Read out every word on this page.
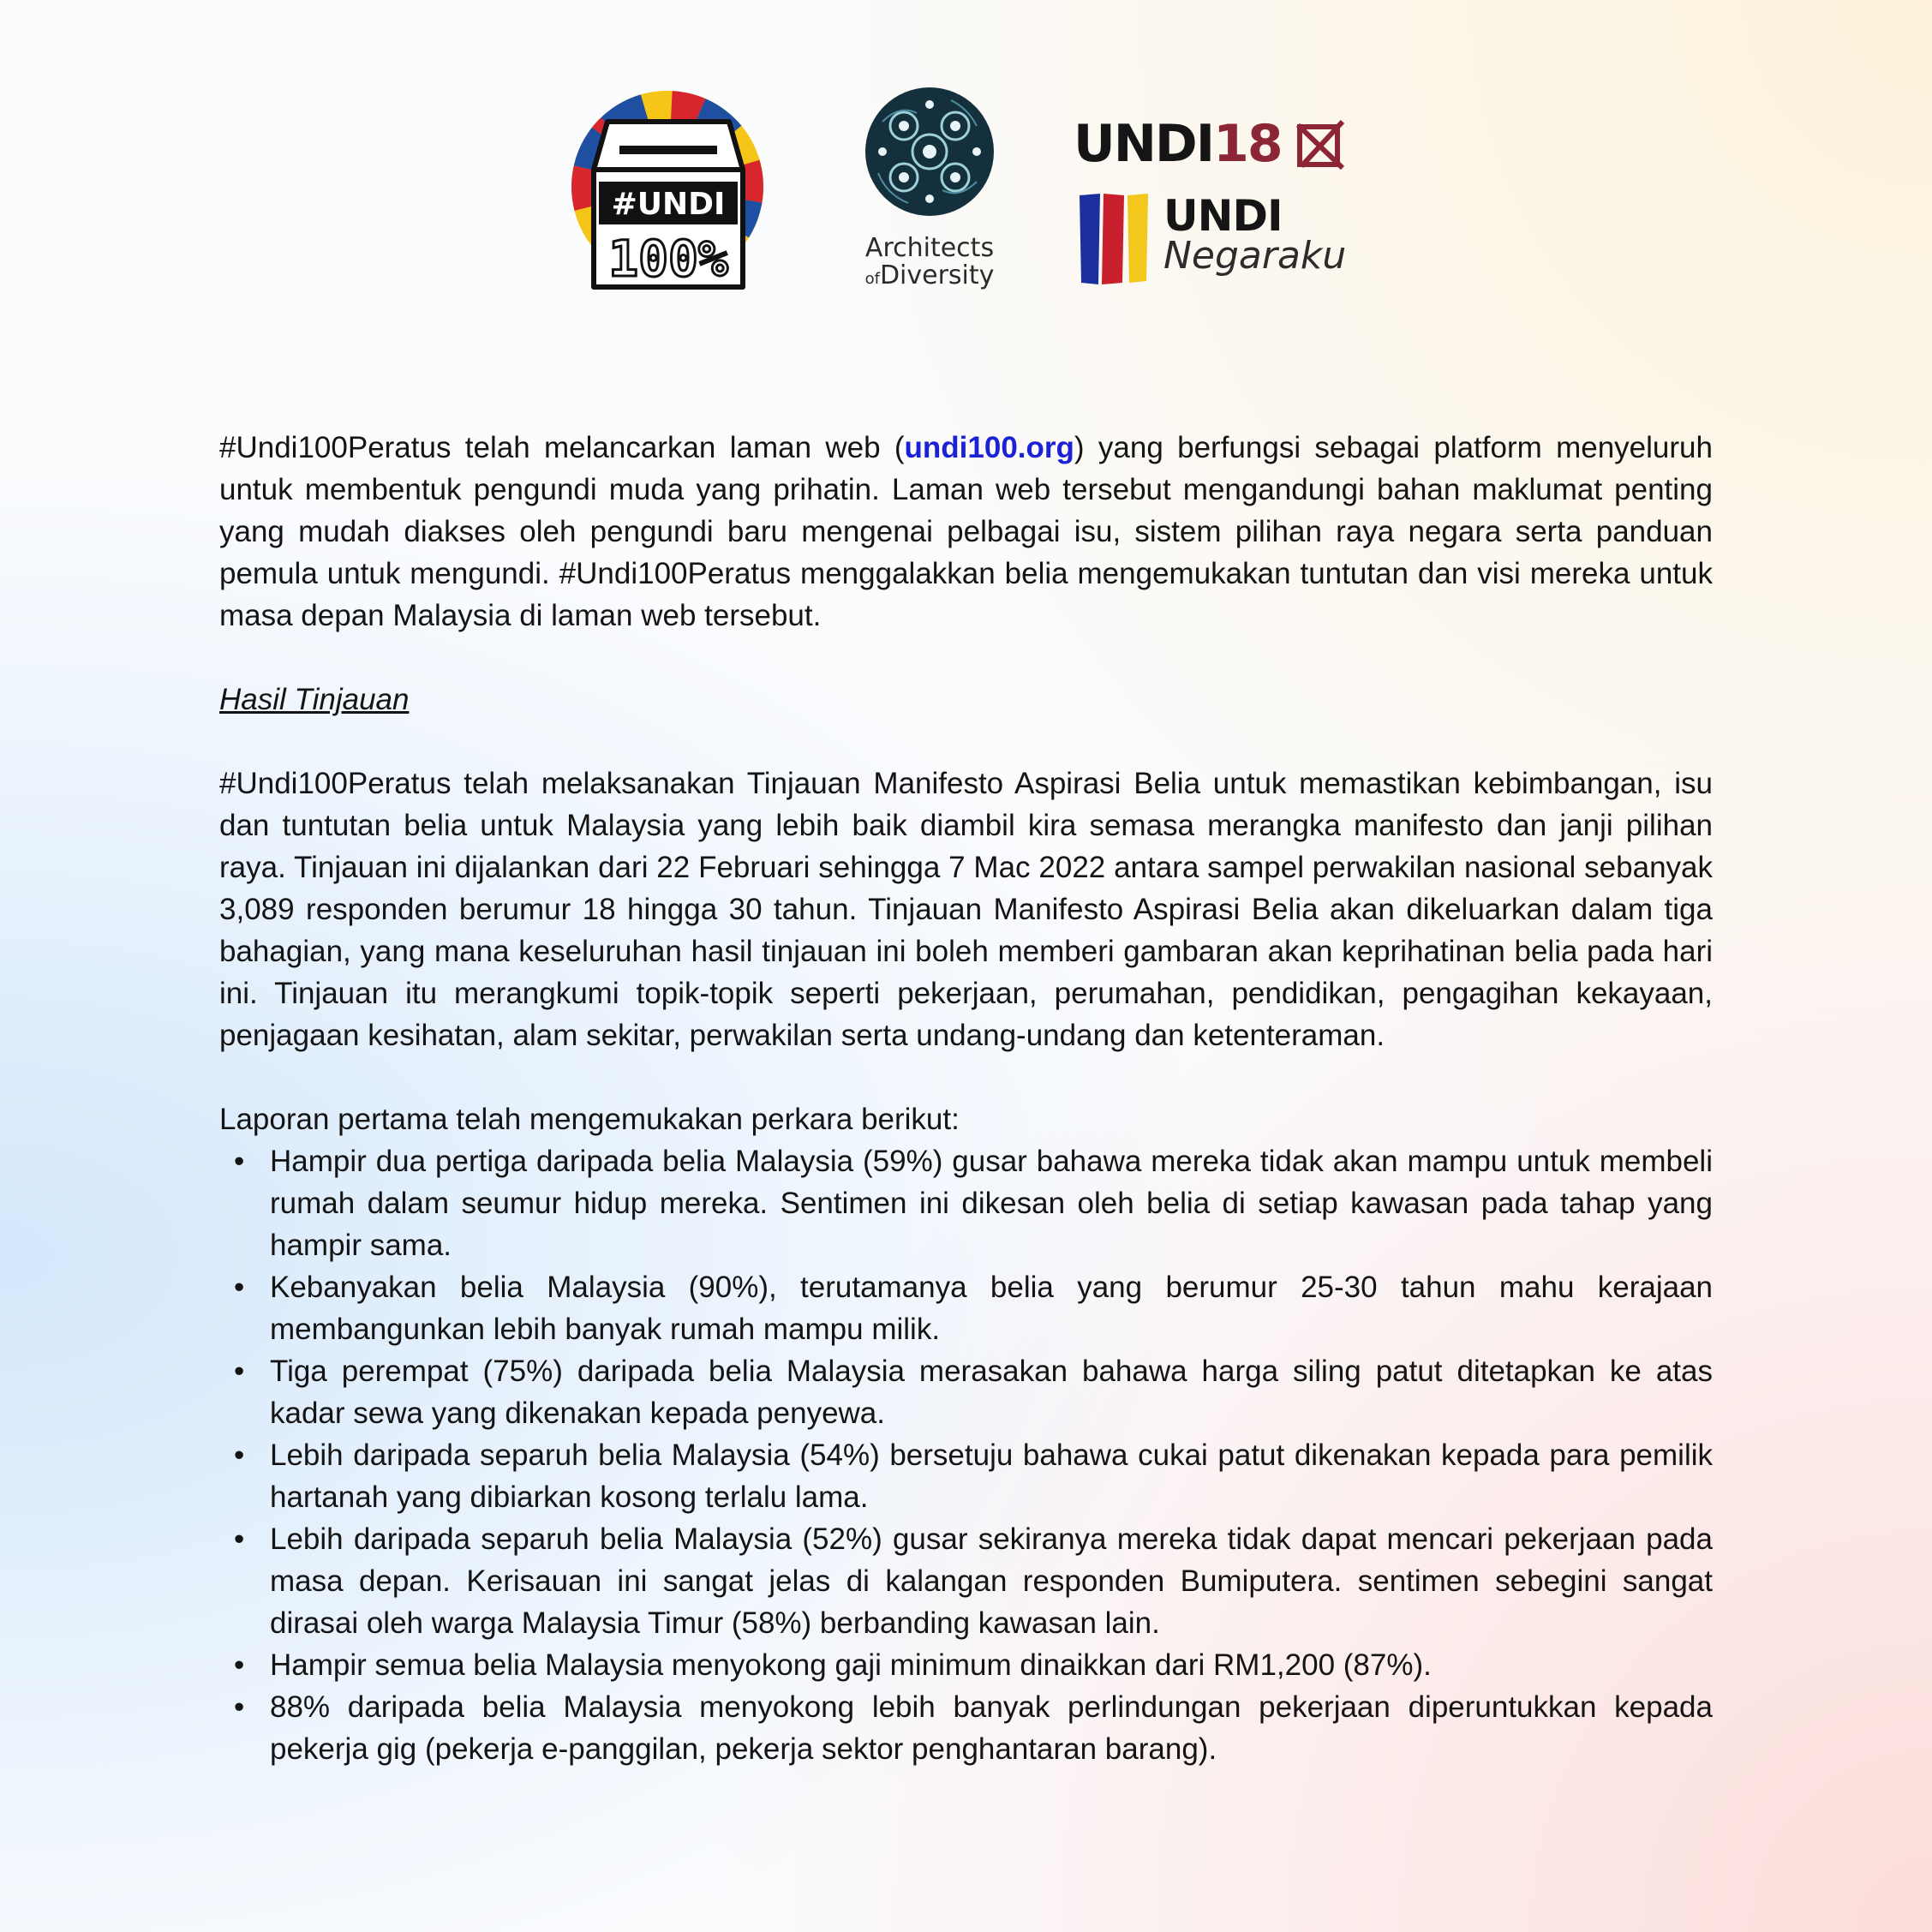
#UNDI
100%	Architects
ofDiversity
UNDI18
UNDI
Negaraku

#Undi100Peratus telah melancarkan laman web (undi100.org) yang berfungsi sebagai platform menyeluruh untuk membentuk pengundi muda yang prihatin. Laman web tersebut mengandungi bahan maklumat penting yang mudah diakses oleh pengundi baru mengenai pelbagai isu, sistem pilihan raya negara serta panduan pemula untuk mengundi. #Undi100Peratus menggalakkan belia mengemukakan tuntutan dan visi mereka untuk masa depan Malaysia di laman web tersebut.

Hasil Tinjauan

#Undi100Peratus telah melaksanakan Tinjauan Manifesto Aspirasi Belia untuk memastikan kebimbangan, isu dan tuntutan belia untuk Malaysia yang lebih baik diambil kira semasa merangka manifesto dan janji pilihan raya. Tinjauan ini dijalankan dari 22 Februari sehingga 7 Mac 2022 antara sampel perwakilan nasional sebanyak 3,089 responden berumur 18 hingga 30 tahun. Tinjauan Manifesto Aspirasi Belia akan dikeluarkan dalam tiga bahagian, yang mana keseluruhan hasil tinjauan ini boleh memberi gambaran akan keprihatinan belia pada hari ini. Tinjauan itu merangkumi topik-topik seperti pekerjaan, perumahan, pendidikan, pengagihan kekayaan, penjagaan kesihatan, alam sekitar, perwakilan serta undang-undang dan ketenteraman.

Laporan pertama telah mengemukakan perkara berikut:

• Hampir dua pertiga daripada belia Malaysia (59%) gusar bahawa mereka tidak akan mampu untuk membeli rumah dalam seumur hidup mereka. Sentimen ini dikesan oleh belia di setiap kawasan pada tahap yang hampir sama.
• Kebanyakan belia Malaysia (90%), terutamanya belia yang berumur 25-30 tahun mahu kerajaan membangunkan lebih banyak rumah mampu milik.
• Tiga perempat (75%) daripada belia Malaysia merasakan bahawa harga siling patut ditetapkan ke atas kadar sewa yang dikenakan kepada penyewa.
• Lebih daripada separuh belia Malaysia (54%) bersetuju bahawa cukai patut dikenakan kepada para pemilik hartanah yang dibiarkan kosong terlalu lama.
• Lebih daripada separuh belia Malaysia (52%) gusar sekiranya mereka tidak dapat mencari pekerjaan pada masa depan. Kerisauan ini sangat jelas di kalangan responden Bumiputera. sentimen sebegini sangat dirasai oleh warga Malaysia Timur (58%) berbanding kawasan lain.
• Hampir semua belia Malaysia menyokong gaji minimum dinaikkan dari RM1,200 (87%).
• 88% daripada belia Malaysia menyokong lebih banyak perlindungan pekerjaan diperuntukkan kepada pekerja gig (pekerja e-panggilan, pekerja sektor penghantaran barang).
